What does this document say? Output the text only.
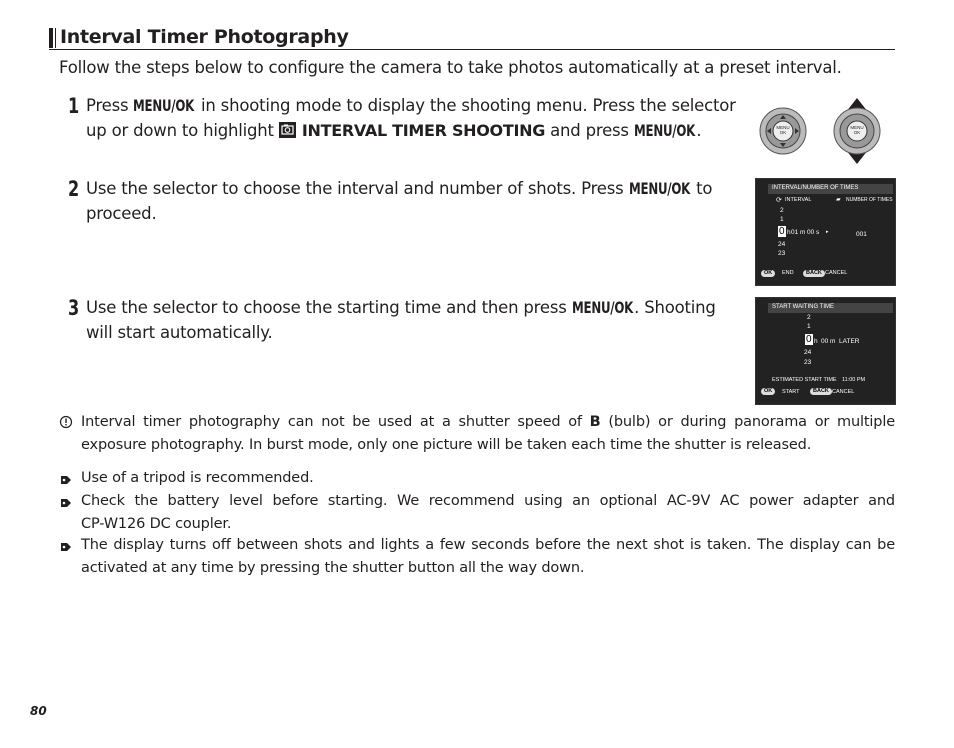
Interval Timer Photography
Follow the steps below to configure the camera to take photos automatically at a preset interval.
1 Press MENU/OK in shooting mode to display the shooting menu. Press the selector
up or down to highlight
INTERVAL TIMER SHOOTING and press MENU/OK.	MENU OK
MENU OK
2 Use the selector to choose the interval and number of shots. Press MENU/OK to
proceed.
INTERVAL/NUMBER OF TIMES
⟳ INTERVAL	▰ NUMBER OF TIMES
2
1
0 h 01 m 00 s ▸
24
23
001
OK	END	BACK CANCEL
3 Use the selector to choose the starting time and then press MENU/OK. Shooting
will start automatically.
START WAITING TIME
2
1
0 h 00 m LATER
24
23
ESTIMATED START TIME 11:00 PM
OK	START	BACK CANCEL
Interval timer photography can not be used at a shutter speed of B (bulb) or during panorama or multiple
exposure photography. In burst mode, only one picture will be taken each time the shutter is released.
Use of a tripod is recommended.
Check the battery level before starting. We recommend using an optional AC-9V AC power adapter and
CP-W126 DC coupler.
The display turns off between shots and lights a few seconds before the next shot is taken. The display can be
activated at any time by pressing the shutter button all the way down.
80
